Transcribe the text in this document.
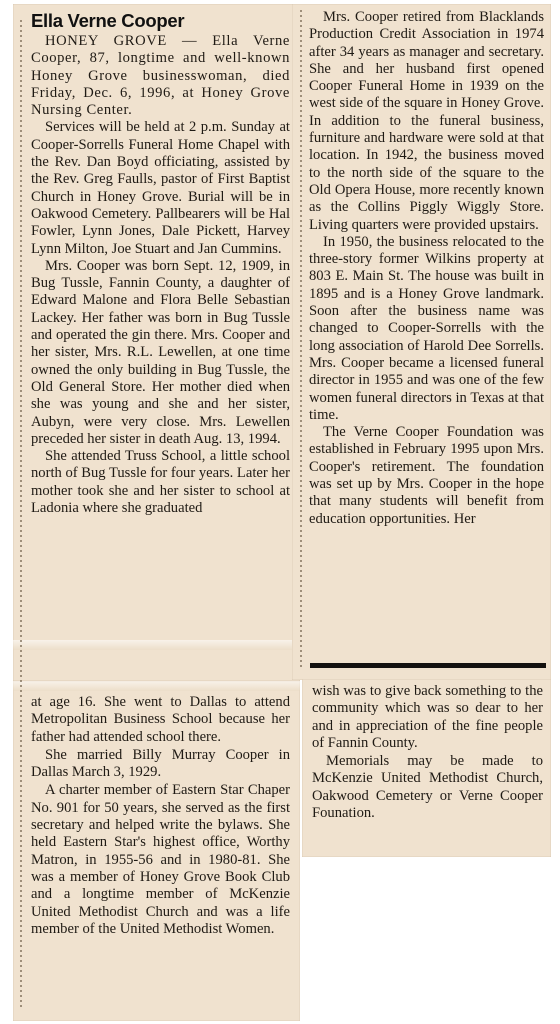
Ella Verne Cooper

HONEY GROVE — Ella Verne Cooper, 87, longtime and well-known Honey Grove businesswoman, died Friday, Dec. 6, 1996, at Honey Grove Nursing Center.

Services will be held at 2 p.m. Sunday at Cooper-Sorrells Funeral Home Chapel with the Rev. Dan Boyd officiating, assisted by the Rev. Greg Faulls, pastor of First Baptist Church in Honey Grove. Burial will be in Oakwood Cemetery. Pallbearers will be Hal Fowler, Lynn Jones, Dale Pickett, Harvey Lynn Milton, Joe Stuart and Jan Cummins.

Mrs. Cooper was born Sept. 12, 1909, in Bug Tussle, Fannin County, a daughter of Edward Malone and Flora Belle Sebastian Lackey. Her father was born in Bug Tussle and operated the gin there. Mrs. Cooper and her sister, Mrs. R.L. Lewellen, at one time owned the only building in Bug Tussle, the Old General Store. Her mother died when she was young and she and her sister, Aubyn, were very close. Mrs. Lewellen preceded her sister in death Aug. 13, 1994.

She attended Truss School, a little school north of Bug Tussle for four years. Later her mother took she and her sister to school at Ladonia where she graduated

at age 16. She went to Dallas to attend Metropolitan Business School because her father had attended school there.

She married Billy Murray Cooper in Dallas March 3, 1929.

A charter member of Eastern Star Chaper No. 901 for 50 years, she served as the first secretary and helped write the bylaws. She held Eastern Star's highest office, Worthy Matron, in 1955-56 and in 1980-81. She was a member of Honey Grove Book Club and a longtime member of McKenzie United Methodist Church and was a life member of the United Methodist Women.

Mrs. Cooper retired from Blacklands Production Credit Association in 1974 after 34 years as manager and secretary. She and her husband first opened Cooper Funeral Home in 1939 on the west side of the square in Honey Grove. In addition to the funeral business, furniture and hardware were sold at that location. In 1942, the business moved to the north side of the square to the Old Opera House, more recently known as the Collins Piggly Wiggly Store. Living quarters were provided upstairs.

In 1950, the business relocated to the three-story former Wilkins property at 803 E. Main St. The house was built in 1895 and is a Honey Grove landmark. Soon after the business name was changed to Cooper-Sorrells with the long association of Harold Dee Sorrells. Mrs. Cooper became a licensed funeral director in 1955 and was one of the few women funeral directors in Texas at that time.

The Verne Cooper Foundation was established in February 1995 upon Mrs. Cooper's retirement. The foundation was set up by Mrs. Cooper in the hope that many students will benefit from education opportunities. Her

wish was to give back something to the community which was so dear to her and in appreciation of the fine people of Fannin County.

Memorials may be made to McKenzie United Methodist Church, Oakwood Cemetery or Verne Cooper Founation.
